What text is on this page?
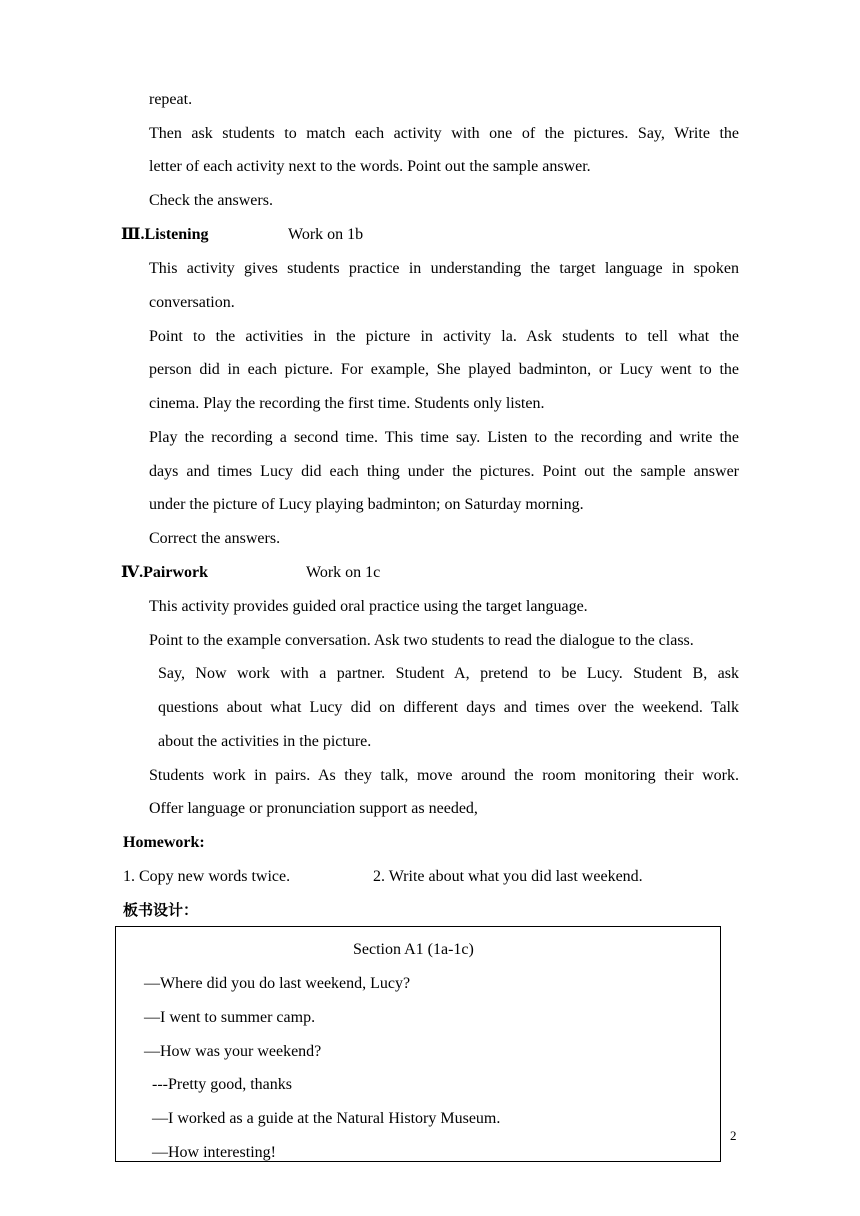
repeat.
Then ask students to match each activity with one of the pictures. Say, Write the
letter of each activity next to the words. Point out the sample answer.
Check the answers.
Ⅲ.Listening	Work on 1b
This activity gives students practice in understanding the target language in spoken
conversation.
Point to the activities in the picture in activity la. Ask students to tell what the
person did in each picture. For example, She played badminton, or Lucy went to the
cinema. Play the recording the first time. Students only listen.
Play the recording a second time. This time say. Listen to the recording and write the
days and times Lucy did each thing under the pictures. Point out the sample answer
under the picture of Lucy playing badminton; on Saturday morning.
Correct the answers.
Ⅳ.Pairwork	Work on 1c
This activity provides guided oral practice using the target language.
Point to the example conversation. Ask two students to read the dialogue to the class.
Say, Now work with a partner. Student A, pretend to be Lucy. Student B, ask
questions about what Lucy did on different days and times over the weekend. Talk
about the activities in the picture.
Students work in pairs. As they talk, move around the room monitoring their work.
Offer language or pronunciation support as needed,
Homework:
1. Copy new words twice.	2. Write about what you did last weekend.
板书设计：
Section A1 (1a-1c)
—Where did you do last weekend, Lucy?
—I went to summer camp.
—How was your weekend?
---Pretty good, thanks
—I worked as a guide at the Natural History Museum.
—How interesting!
2
